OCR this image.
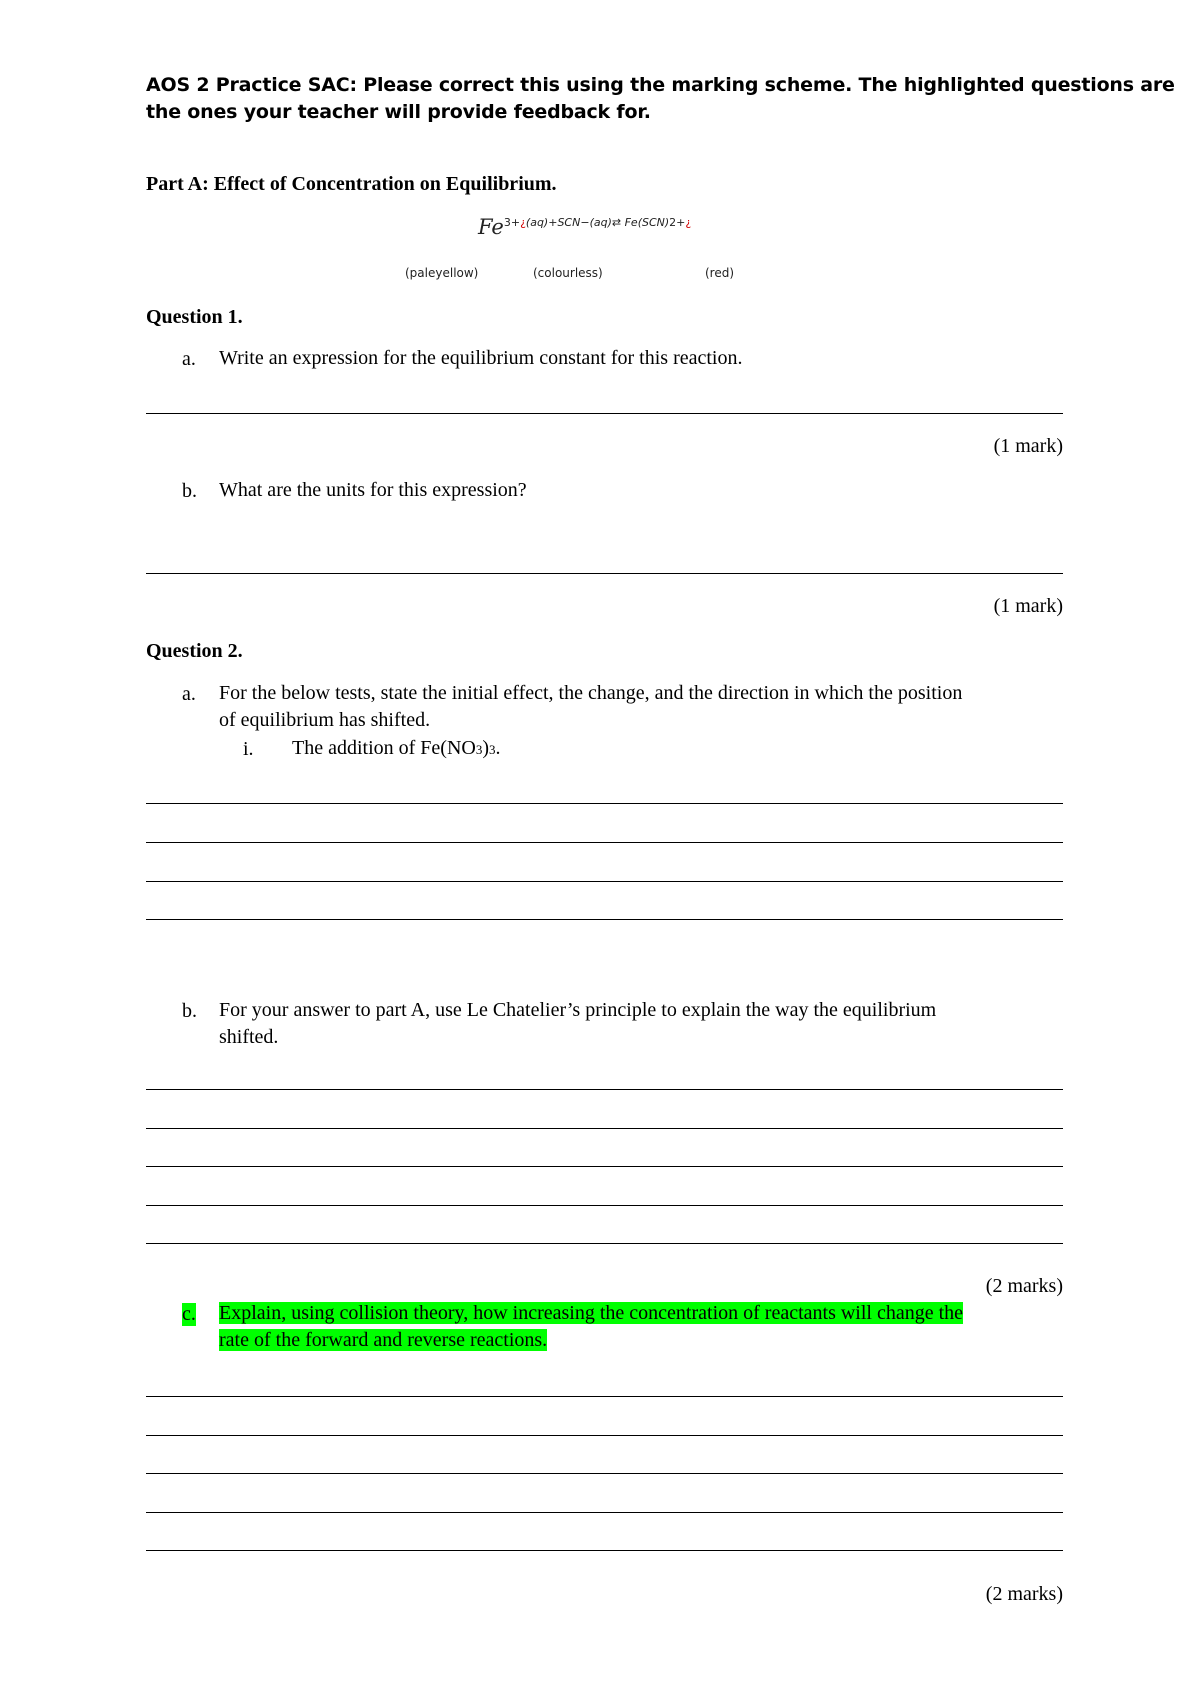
AOS 2 Practice SAC: Please correct this using the marking scheme. The highlighted questions are
the ones your teacher will provide feedback for.
Part A: Effect of Concentration on Equilibrium.
Fe3+¿(aq)+SCN−(aq)⇄ Fe(SCN)2+¿
(paleyellow)	(colourless)	(red)
Question 1.
a. Write an expression for the equilibrium constant for this reaction.
(1 mark)
b. What are the units for this expression?
(1 mark)
Question 2.
a. For the below tests, state the initial effect, the change, and the direction in which the position
of equilibrium has shifted.
i. The addition of Fe(NO3)3.
b. For your answer to part A, use Le Chatelier’s principle to explain the way the equilibrium
shifted.
(2 marks)
c. Explain, using collision theory, how increasing the concentration of reactants will change the
rate of the forward and reverse reactions.
(2 marks)
